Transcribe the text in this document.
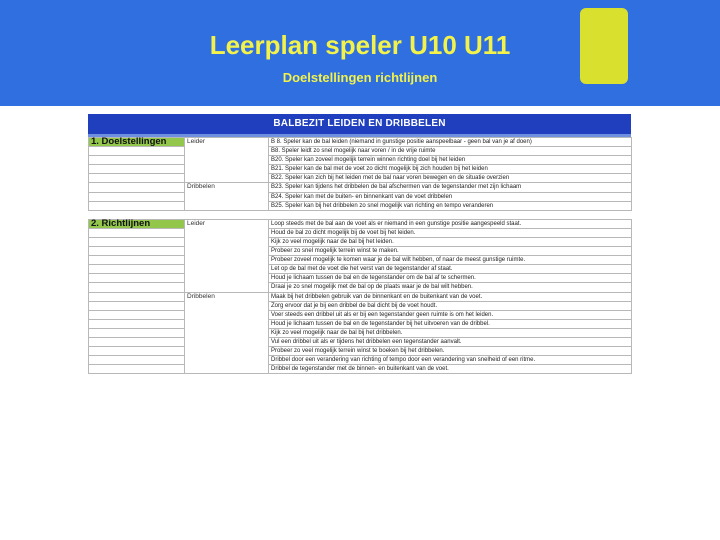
Leerplan speler U10 U11
Doelstellingen richtlijnen
BALBEZIT LEIDEN EN DRIBBELEN
1. Doelstellingen	Leider	B 8. Speler kan de bal leiden (niemand in gunstige positie aanspeelbaar - geen bal van je af doen)
		B8. Speler leidt zo snel mogelijk naar voren / in de vrije ruimte
		B20. Speler kan zoveel mogelijk terrein winnen richting doel bij het leiden
		B21. Speler kan de bal met de voet zo dicht mogelijk bij zich houden bij het leiden
		B22. Speler kan zich bij het leiden met de bal naar voren bewegen en de situatie overzien
	Dribbelen	B23. Speler kan tijdens het dribbelen de bal afschermen van de tegenstander met zijn lichaam
		B24. Speler kan met de buiten- en binnenkant van de voet dribbelen
		B25. Speler kan bij het dribbelen zo snel mogelijk van richting en tempo veranderen
2. Richtlijnen	Leider	Loop steeds met de bal aan de voet als er niemand in een gunstige positie aangespeeld staat.
		Houd de bal zo dicht mogelijk bij de voet bij het leiden.
		Kijk zo veel mogelijk naar de bal bij het leiden.
		Probeer zo snel mogelijk terrein winst te maken.
		Probeer zoveel mogelijk te komen waar je de bal wilt hebben, of naar de meest gunstige ruimte.
		Let op de bal met de voet die het verst van de tegenstander af staat.
		Houd je lichaam tussen de bal en de tegenstander om de bal af te schermen.
		Draai je zo snel mogelijk met de bal op de plaats waar je de bal wilt hebben.
	Dribbelen	Maak bij het dribbelen gebruik van de binnenkant en de buitenkant van de voet.
		Zorg ervoor dat je bij een dribbel de bal dicht bij de voet houdt.
		Voer steeds een dribbel uit als er bij een tegenstander geen ruimte is om het leiden.
		Houd je lichaam tussen de bal en de tegenstander bij het uitvoeren van de dribbel.
		Kijk zo veel mogelijk naar de bal bij het dribbelen.
		Vul een dribbel uit als er tijdens het dribbelen een tegenstander aanvalt.
		Probeer zo veel mogelijk terrein winst te boeken bij het dribbelen.
		Dribbel door een verandering van richting of tempo door een verandering van snelheid of een ritme.
		Dribbel de tegenstander met de binnen- en buitenkant van de voet.
